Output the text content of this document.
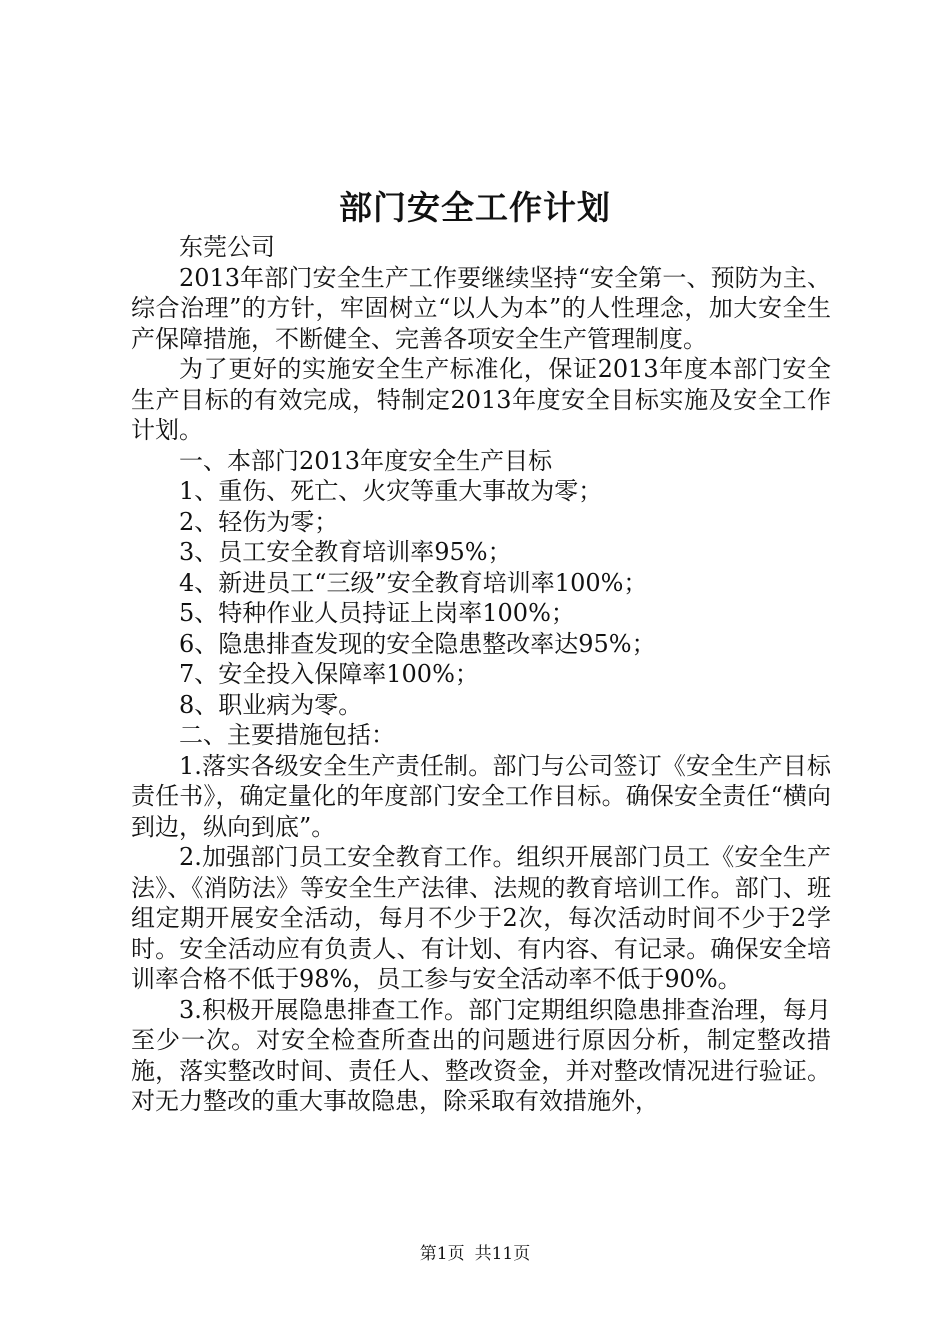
部门安全工作计划

东莞公司

2013年部门安全生产工作要继续坚持“安全第一、预防为主、综合治理”的方针，牢固树立“以人为本”的人性理念，加大安全生产保障措施，不断健全、完善各项安全生产管理制度。

为了更好的实施安全生产标准化，保证2013年度本部门安全生产目标的有效完成，特制定2013年度安全目标实施及安全工作计划。

一、本部门2013年度安全生产目标

1、重伤、死亡、火灾等重大事故为零；

2、轻伤为零；

3、员工安全教育培训率95%；

4、新进员工“三级”安全教育培训率100%；

5、特种作业人员持证上岗率100%；

6、隐患排查发现的安全隐患整改率达95%；

7、安全投入保障率100%；

8、职业病为零。

二、主要措施包括：

1.落实各级安全生产责任制。部门与公司签订《安全生产目标责任书》，确定量化的年度部门安全工作目标。确保安全责任“横向到边，纵向到底”。

2.加强部门员工安全教育工作。组织开展部门员工《安全生产法》、《消防法》等安全生产法律、法规的教育培训工作。部门、班组定期开展安全活动，每月不少于2次，每次活动时间不少于2学时。安全活动应有负责人、有计划、有内容、有记录。确保安全培训率合格不低于98%，员工参与安全活动率不低于90%。

3.积极开展隐患排查工作。部门定期组织隐患排查治理，每月至少一次。对安全检查所查出的问题进行原因分析，制定整改措施，落实整改时间、责任人、整改资金，并对整改情况进行验证。对无力整改的重大事故隐患，除采取有效措施外，

第1页 共11页
